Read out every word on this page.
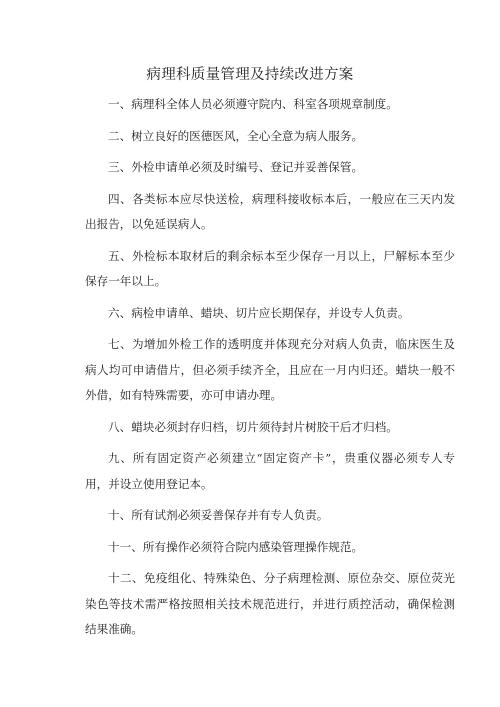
病理科质量管理及持续改进方案
一、病理科全体人员必须遵守院内、科室各项规章制度。
二、树立良好的医德医风，全心全意为病人服务。
三、外检申请单必须及时编号、登记并妥善保管。
四、各类标本应尽快送检，病理科接收标本后，一般应在三天内发出报告，以免延误病人。
五、外检标本取材后的剩余标本至少保存一月以上，尸解标本至少保存一年以上。
六、病检申请单、蜡块、切片应长期保存，并设专人负责。
七、为增加外检工作的透明度并体现充分对病人负责，临床医生及病人均可申请借片，但必须手续齐全，且应在一月内归还。蜡块一般不外借，如有特殊需要，亦可申请办理。
八、蜡块必须封存归档，切片须待封片树胶干后才归档。
九、所有固定资产必须建立“固定资产卡”，贵重仪器必须专人专用，并设立使用登记本。
十、所有试剂必须妥善保存并有专人负责。
十一、所有操作必须符合院内感染管理操作规范。
十二、免疫组化、特殊染色、分子病理检测、原位杂交、原位荧光染色等技术需严格按照相关技术规范进行，并进行质控活动，确保检测结果准确。
